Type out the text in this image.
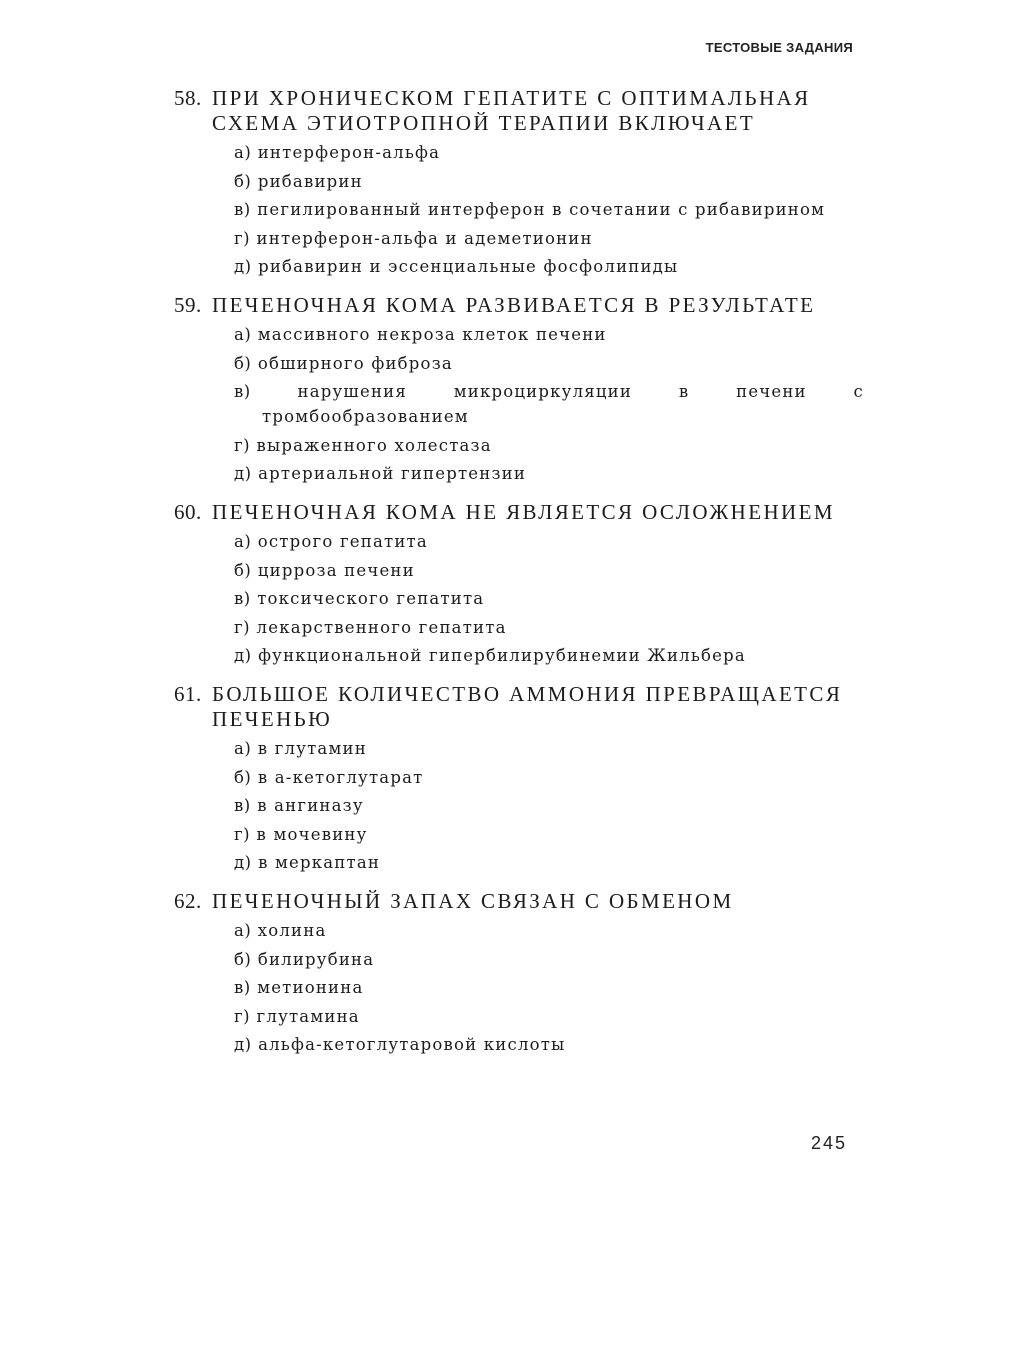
ТЕСТОВЫЕ ЗАДАНИЯ
58. ПРИ ХРОНИЧЕСКОМ ГЕПАТИТЕ С ОПТИМАЛЬНАЯ СХЕМА ЭТИОТРОПНОЙ ТЕРАПИИ ВКЛЮЧАЕТ
а) интерферон-альфа
б) рибавирин
в) пегилированный интерферон в сочетании с рибавирином
г) интерферон-альфа и адеметионин
д) рибавирин и эссенциальные фосфолипиды
59. ПЕЧЕНОЧНАЯ КОМА РАЗВИВАЕТСЯ В РЕЗУЛЬТАТЕ
а) массивного некроза клеток печени
б) обширного фиброза
в)	нарушения микроциркуляции в печени с тромбообразованием
г) выраженного холестаза
д) артериальной гипертензии
60. ПЕЧЕНОЧНАЯ КОМА НЕ ЯВЛЯЕТСЯ ОСЛОЖНЕНИЕМ
а) острого гепатита
б) цирроза печени
в) токсического гепатита
г) лекарственного гепатита
д) функциональной гипербилирубинемии Жильбера
61. БОЛЬШОЕ КОЛИЧЕСТВО АММОНИЯ ПРЕВРАЩАЕТСЯ ПЕЧЕНЬЮ
а) в глутамин
б) в а-кетоглутарат
в) в ангиназу
г) в мочевину
д) в меркаптан
62. ПЕЧЕНОЧНЫЙ ЗАПАХ СВЯЗАН С ОБМЕНОМ
а) холина
б) билирубина
в) метионина
г) глутамина
д) альфа-кетоглутаровой кислоты
245
